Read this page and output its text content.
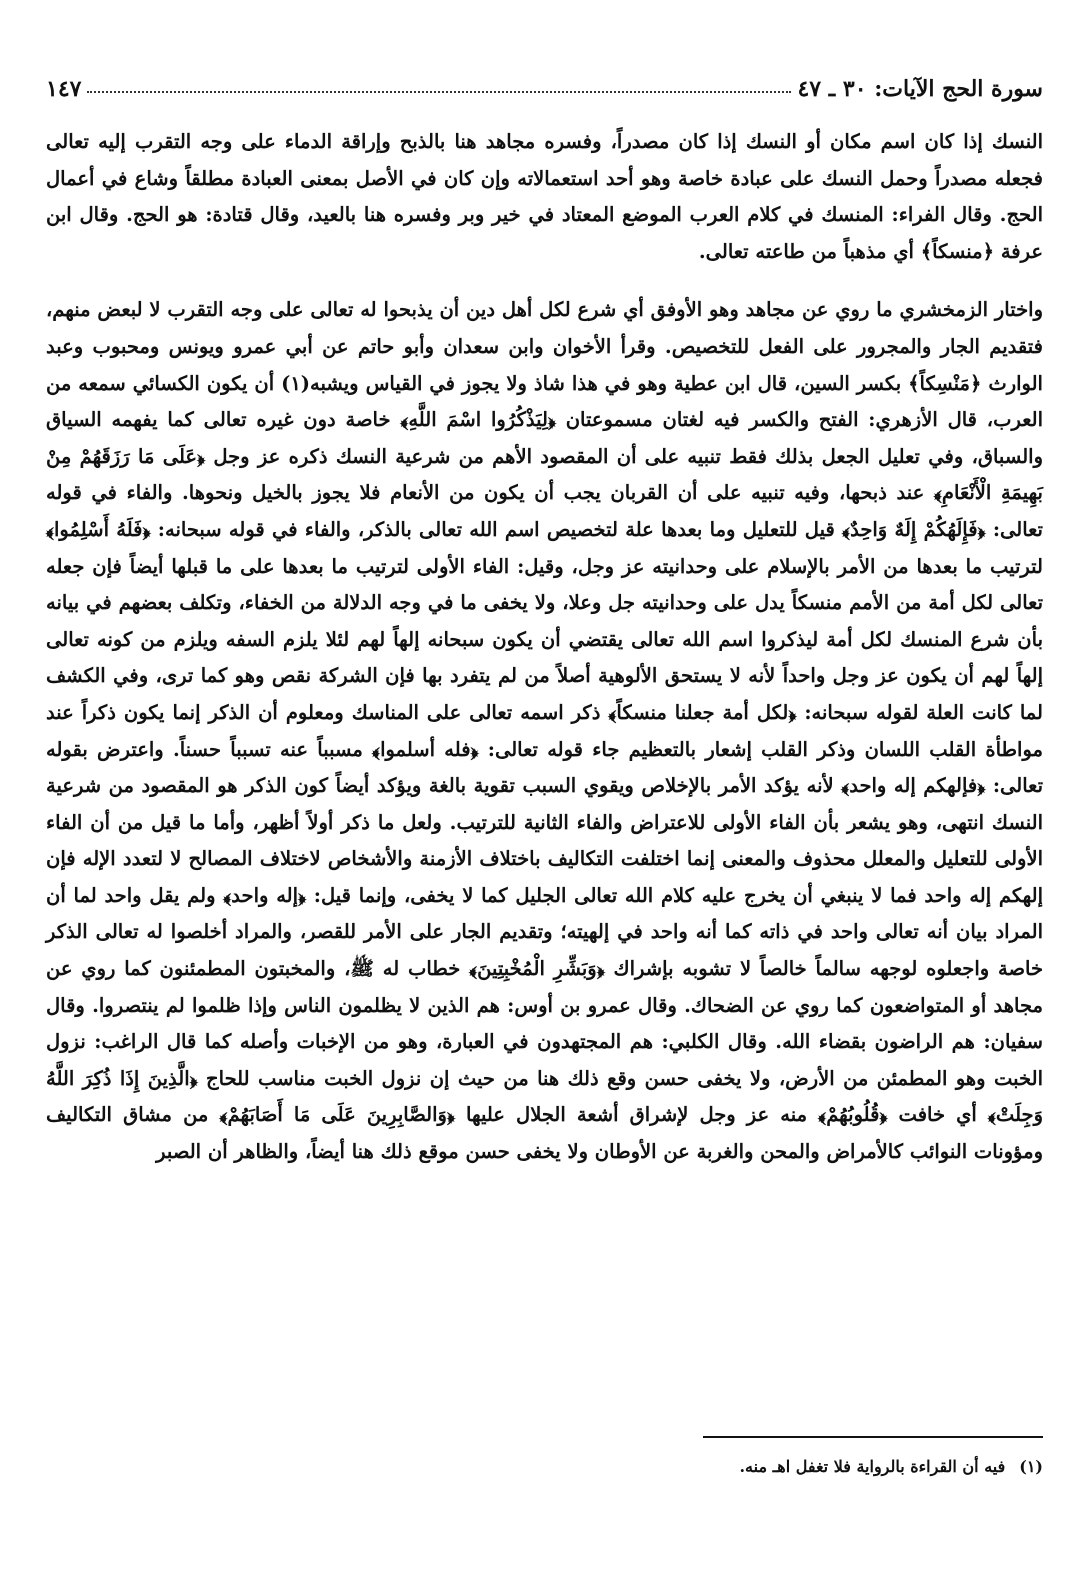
سورة الحج الآيات: ٣٠ ـ ٤٧
١٤٧

النسك إذا كان اسم مكان أو النسك إذا كان مصدراً، وفسره مجاهد هنا بالذبح وإراقة الدماء على وجه التقرب إليه تعالى فجعله مصدراً وحمل النسك على عبادة خاصة وهو أحد استعمالاته وإن كان في الأصل بمعنى العبادة مطلقاً وشاع في أعمال الحج. وقال الفراء: المنسك في كلام العرب الموضع المعتاد في خير وبر وفسره هنا بالعيد، وقال قتادة: هو الحج. وقال ابن عرفة ﴿منسكاً﴾ أي مذهباً من طاعته تعالى.

واختار الزمخشري ما روي عن مجاهد وهو الأوفق أي شرع لكل أهل دين أن يذبحوا له تعالى على وجه التقرب لا لبعض منهم، فتقديم الجار والمجرور على الفعل للتخصيص. وقرأ الأخوان وابن سعدان وأبو حاتم عن أبي عمرو ويونس ومحبوب وعبد الوارث ﴿مَنْسِكاً﴾ بكسر السين، قال ابن عطية وهو في هذا شاذ ولا يجوز في القياس ويشبه(١) أن يكون الكسائي سمعه من العرب، قال الأزهري: الفتح والكسر فيه لغتان مسموعتان ﴿لِيَذْكُرُوا اسْمَ اللَّهِ﴾ خاصة دون غيره تعالى كما يفهمه السياق والسباق، وفي تعليل الجعل بذلك فقط تنبيه على أن المقصود الأهم من شرعية النسك ذكره عز وجل ﴿عَلَى مَا رَزَقَهُمْ مِنْ بَهِيمَةِ الْأَنْعَامِ﴾ عند ذبحها، وفيه تنبيه على أن القربان يجب أن يكون من الأنعام فلا يجوز بالخيل ونحوها. والفاء في قوله تعالى: ﴿فَإِلَهُكُمْ إِلَهٌ وَاحِدٌ﴾ قيل للتعليل وما بعدها علة لتخصيص اسم الله تعالى بالذكر، والفاء في قوله سبحانه: ﴿فَلَهُ أَسْلِمُوا﴾ لترتيب ما بعدها من الأمر بالإسلام على وحدانيته عز وجل، وقيل: الفاء الأولى لترتيب ما بعدها على ما قبلها أيضاً فإن جعله تعالى لكل أمة من الأمم منسكاً يدل على وحدانيته جل وعلا، ولا يخفى ما في وجه الدلالة من الخفاء، وتكلف بعضهم في بيانه بأن شرع المنسك لكل أمة ليذكروا اسم الله تعالى يقتضي أن يكون سبحانه إلهاً لهم لئلا يلزم السفه ويلزم من كونه تعالى إلهاً لهم أن يكون عز وجل واحداً لأنه لا يستحق الألوهية أصلاً من لم يتفرد بها فإن الشركة نقص وهو كما ترى، وفي الكشف لما كانت العلة لقوله سبحانه: ﴿لكل أمة جعلنا منسكاً﴾ ذكر اسمه تعالى على المناسك ومعلوم أن الذكر إنما يكون ذكراً عند مواطأة القلب اللسان وذكر القلب إشعار بالتعظيم جاء قوله تعالى: ﴿فله أسلموا﴾ مسبباً عنه تسبباً حسناً. واعترض بقوله تعالى: ﴿فإلهكم إله واحد﴾ لأنه يؤكد الأمر بالإخلاص ويقوي السبب تقوية بالغة ويؤكد أيضاً كون الذكر هو المقصود من شرعية النسك انتهى، وهو يشعر بأن الفاء الأولى للاعتراض والفاء الثانية للترتيب. ولعل ما ذكر أولاً أظهر، وأما ما قيل من أن الفاء الأولى للتعليل والمعلل محذوف والمعنى إنما اختلفت التكاليف باختلاف الأزمنة والأشخاص لاختلاف المصالح لا لتعدد الإله فإن إلهكم إله واحد فما لا ينبغي أن يخرج عليه كلام الله تعالى الجليل كما لا يخفى، وإنما قيل: ﴿إله واحد﴾ ولم يقل واحد لما أن المراد بيان أنه تعالى واحد في ذاته كما أنه واحد في إلهيته؛ وتقديم الجار على الأمر للقصر، والمراد أخلصوا له تعالى الذكر خاصة واجعلوه لوجهه سالماً خالصاً لا تشوبه بإشراك ﴿وَبَشِّرِ الْمُخْبِتِينَ﴾ خطاب له ﷺ، والمخبتون المطمئنون كما روي عن مجاهد أو المتواضعون كما روي عن الضحاك. وقال عمرو بن أوس: هم الذين لا يظلمون الناس وإذا ظلموا لم ينتصروا. وقال سفيان: هم الراضون بقضاء الله. وقال الكلبي: هم المجتهدون في العبارة، وهو من الإخبات وأصله كما قال الراغب: نزول الخبت وهو المطمئن من الأرض، ولا يخفى حسن وقع ذلك هنا من حيث إن نزول الخبت مناسب للحاج ﴿الَّذِينَ إِذَا ذُكِرَ اللَّهُ وَجِلَتْ﴾ أي خافت ﴿قُلُوبُهُمْ﴾ منه عز وجل لإشراق أشعة الجلال عليها ﴿وَالصَّابِرِينَ عَلَى مَا أَصَابَهُمْ﴾ من مشاق التكاليف ومؤونات النوائب كالأمراض والمحن والغربة عن الأوطان ولا يخفى حسن موقع ذلك هنا أيضاً، والظاهر أن الصبر

(١)فيه أن القراءة بالرواية فلا تغفل اهـ منه.
